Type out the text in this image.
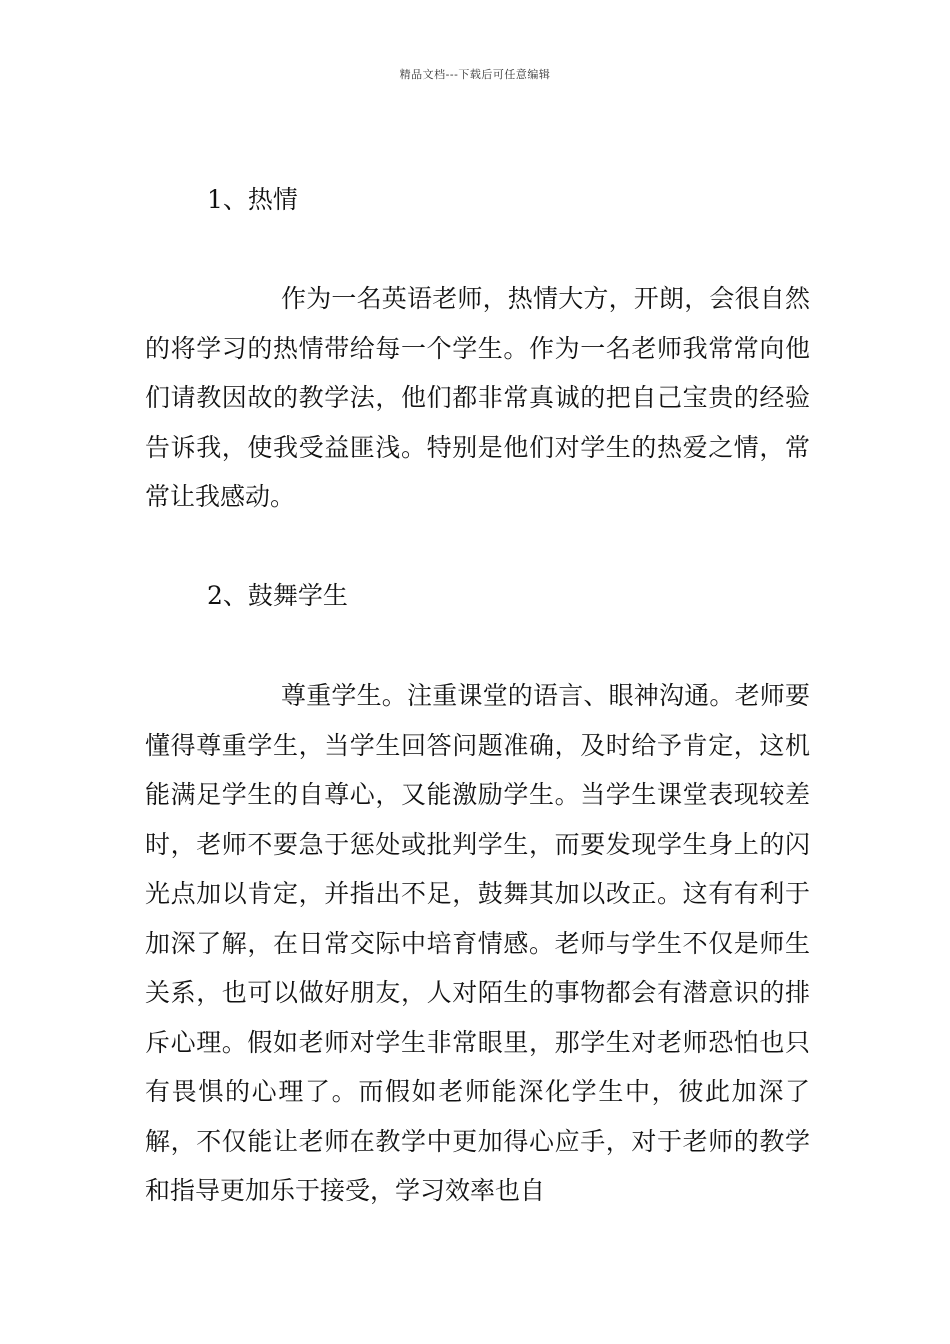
精品文档---下载后可任意编辑
1、热情

作为一名英语老师，热情大方，开朗，会很自然的将学习的热情带给每一个学生。作为一名老师我常常向他们请教因故的教学法，他们都非常真诚的把自己宝贵的经验告诉我，使我受益匪浅。特别是他们对学生的热爱之情，常常让我感动。

2、鼓舞学生

尊重学生。注重课堂的语言、眼神沟通。老师要懂得尊重学生，当学生回答问题准确，及时给予肯定，这机能满足学生的自尊心，又能激励学生。当学生课堂表现较差时，老师不要急于惩处或批判学生，而要发现学生身上的闪光点加以肯定，并指出不足，鼓舞其加以改正。这有有利于加深了解，在日常交际中培育情感。老师与学生不仅是师生关系，也可以做好朋友，人对陌生的事物都会有潜意识的排斥心理。假如老师对学生非常眼里，那学生对老师恐怕也只有畏惧的心理了。而假如老师能深化学生中，彼此加深了解，不仅能让老师在教学中更加得心应手，对于老师的教学和指导更加乐于接受，学习效率也自
